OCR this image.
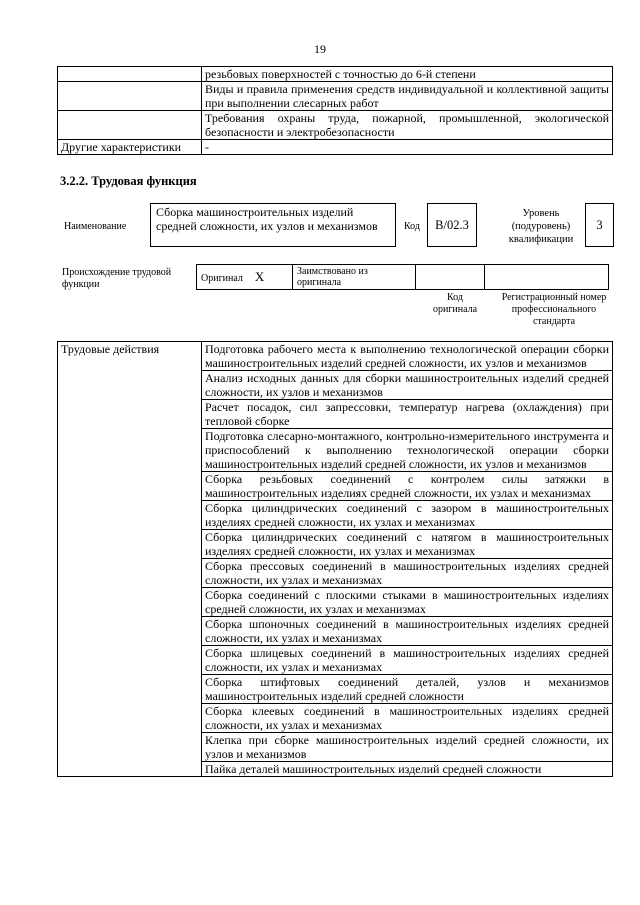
19
	резьбовых поверхностей с точностью до 6-й степени
	Виды и правила применения средств индивидуальной и коллективной защиты при выполнении слесарных работ
	Требования охраны труда, пожарной, промышленной, экологической безопасности и электробезопасности
Другие характеристики	-
3.2.2. Трудовая функция
Наименование
Сборка машиностроительных изделий средней сложности, их узлов и механизмов	Код	В/02.3
Уровень (подуровень) квалификации
3
Происхождение трудовой функции
Оригинал X	Заимствовано из оригинала		
Код оригинала
Регистрационный номер профессионального стандарта
Трудовые действия	Подготовка рабочего места к выполнению технологической операции сборки машиностроительных изделий средней сложности, их узлов и механизмов
Анализ исходных данных для сборки машиностроительных изделий средней сложности, их узлов и механизмов
Расчет посадок, сил запрессовки, температур нагрева (охлаждения) при тепловой сборке
Подготовка слесарно-монтажного, контрольно-измерительного инструмента и приспособлений к выполнению технологической операции сборки машиностроительных изделий средней сложности, их узлов и механизмов
Сборка резьбовых соединений с контролем силы затяжки в машиностроительных изделиях средней сложности, их узлах и механизмах
Сборка цилиндрических соединений с зазором в машиностроительных изделиях средней сложности, их узлах и механизмах
Сборка цилиндрических соединений с натягом в машиностроительных изделиях средней сложности, их узлах и механизмах
Сборка прессовых соединений в машиностроительных изделиях средней сложности, их узлах и механизмах
Сборка соединений с плоскими стыками в машиностроительных изделиях средней сложности, их узлах и механизмах
Сборка шпоночных соединений в машиностроительных изделиях средней сложности, их узлах и механизмах
Сборка шлицевых соединений в машиностроительных изделиях средней сложности, их узлах и механизмах
Сборка штифтовых соединений деталей, узлов и механизмов машиностроительных изделий средней сложности
Сборка клеевых соединений в машиностроительных изделиях средней сложности, их узлах и механизмах
Клепка при сборке машиностроительных изделий средней сложности, их узлов и механизмов
Пайка деталей машиностроительных изделий средней сложности
